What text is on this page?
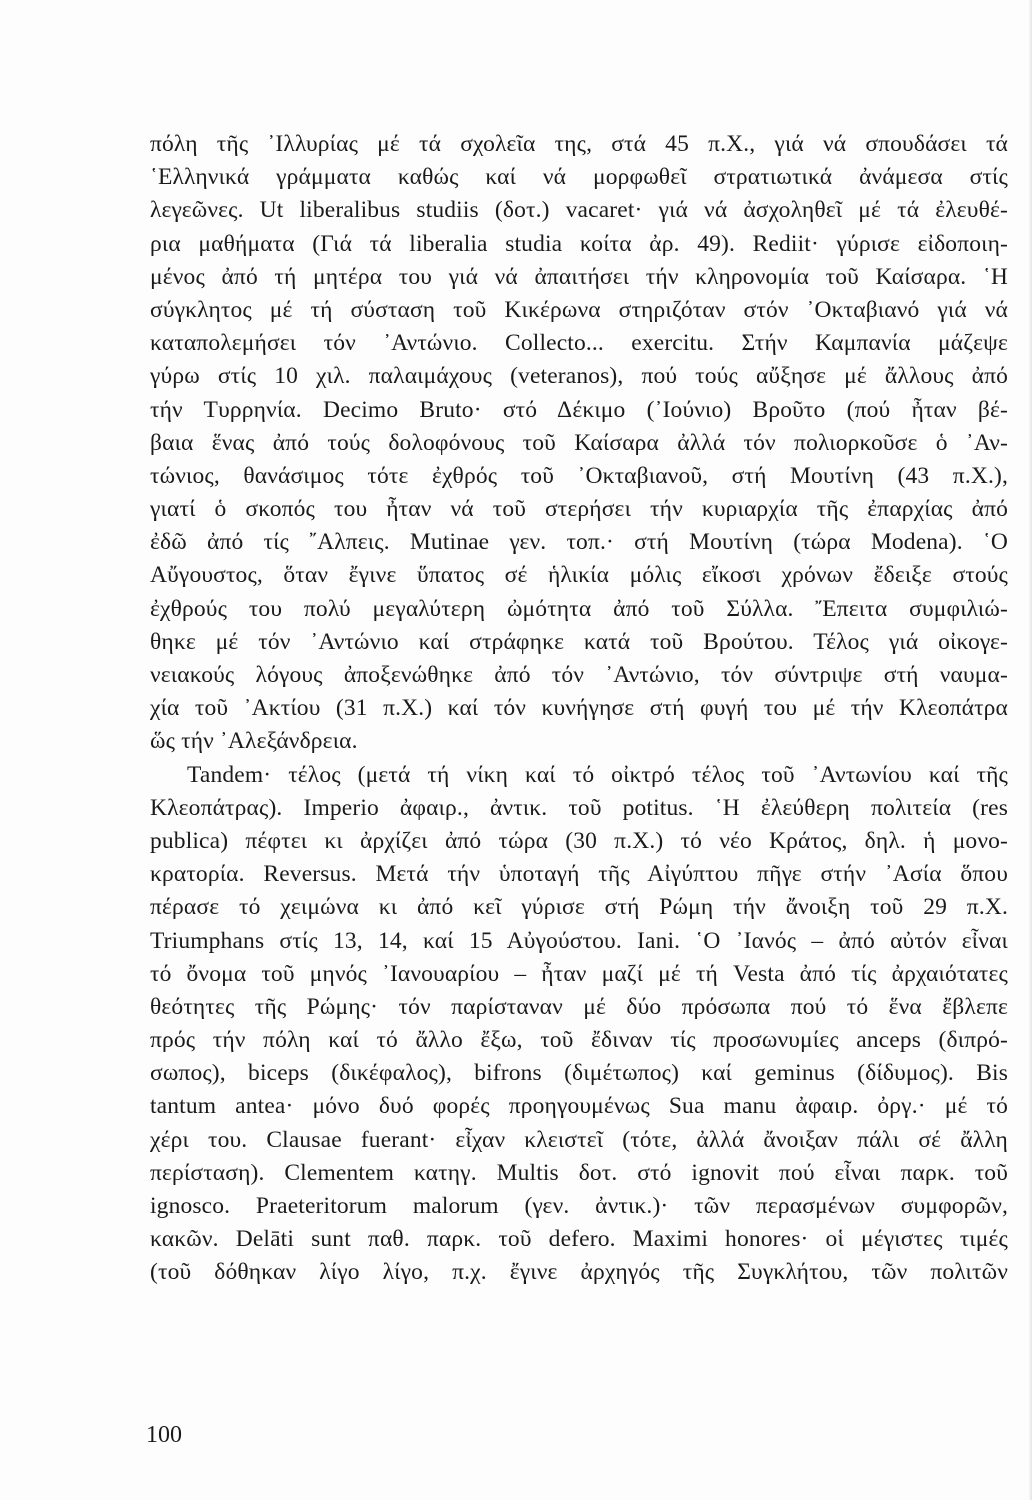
πόλη τῆς ᾿Ιλλυρίας μέ τά σχολεῖα της, στά 45 π.Χ., γιά νά σπουδάσει τά
῾Ελληνικά γράμματα καθώς καί νά μορφωθεῖ στρατιωτικά ἀνάμεσα στίς
λεγεῶνες. Ut liberalibus studiis (δοτ.) vacaret· γιά νά ἀσχοληθεῖ μέ τά ἐλευθέ-
ρια μαθήματα (Γιά τά liberalia studia κοίτα ἀρ. 49). Rediit· γύρισε εἰδοποιη-
μένος ἀπό τή μητέρα του γιά νά ἀπαιτήσει τήν κληρονομία τοῦ Καίσαρα. ῾Η
σύγκλητος μέ τή σύσταση τοῦ Κικέρωνα στηριζόταν στόν ᾿Οκταβιανό γιά νά
καταπολεμήσει τόν ᾿Αντώνιο. Collecto... exercitu. Στήν Καμπανία μάζεψε
γύρω στίς 10 χιλ. παλαιμάχους (veteranos), πού τούς αὔξησε μέ ἄλλους ἀπό
τήν Τυρρηνία. Decimo Bruto· στό Δέκιμο (᾿Ιούνιο) Βροῦτο (πού ἦταν βέ-
βαια ἕνας ἀπό τούς δολοφόνους τοῦ Καίσαρα ἀλλά τόν πολιορκοῦσε ὁ ᾿Αν-
τώνιος, θανάσιμος τότε ἐχθρός τοῦ ᾿Οκταβιανοῦ, στή Μουτίνη (43 π.Χ.),
γιατί ὁ σκοπός του ἦταν νά τοῦ στερήσει τήν κυριαρχία τῆς ἐπαρχίας ἀπό
ἐδῶ ἀπό τίς ῎Αλπεις. Mutinae γεν. τοπ.· στή Μουτίνη (τώρα Modena). ῾Ο
Αὔγουστος, ὅταν ἔγινε ὕπατος σέ ἡλικία μόλις εἴκοσι χρόνων ἔδειξε στούς
ἐχθρούς του πολύ μεγαλύτερη ὠμότητα ἀπό τοῦ Σύλλα. Ἔπειτα συμφιλιώ-
θηκε μέ τόν ᾿Αντώνιο καί στράφηκε κατά τοῦ Βρούτου. Τέλος γιά οἰκογε-
νειακούς λόγους ἀποξενώθηκε ἀπό τόν ᾿Αντώνιο, τόν σύντριψε στή ναυμα-
χία τοῦ ᾿Ακτίου (31 π.Χ.) καί τόν κυνήγησε στή φυγή του μέ τήν Κλεοπάτρα
ὥς τήν ᾿Αλεξάνδρεια.
Tandem· τέλος (μετά τή νίκη καί τό οἰκτρό τέλος τοῦ ᾿Αντωνίου καί τῆς
Κλεοπάτρας). Imperio ἀφαιρ., ἀντικ. τοῦ potitus. ῾Η ἐλεύθερη πολιτεία (res
publica) πέφτει κι ἀρχίζει ἀπό τώρα (30 π.Χ.) τό νέο Κράτος, δηλ. ἡ μονο-
κρατορία. Reversus. Μετά τήν ὑποταγή τῆς Αἰγύπτου πῆγε στήν ᾿Ασία ὅπου
πέρασε τό χειμώνα κι ἀπό κεῖ γύρισε στή Ρώμη τήν ἄνοιξη τοῦ 29 π.Χ.
Triumphans στίς 13, 14, καί 15 Αὐγούστου. Iani. ῾Ο ᾿Ιανός – ἀπό αὐτόν εἶναι
τό ὄνομα τοῦ μηνός ᾿Ιανουαρίου – ἦταν μαζί μέ τή Vesta ἀπό τίς ἀρχαιότατες
θεότητες τῆς Ρώμης· τόν παρίσταναν μέ δύο πρόσωπα πού τό ἕνα ἔβλεπε
πρός τήν πόλη καί τό ἄλλο ἔξω, τοῦ ἔδιναν τίς προσωνυμίες anceps (διπρό-
σωπος), biceps (δικέφαλος), bifrons (διμέτωπος) καί geminus (δίδυμος). Bis
tantum antea· μόνο δυό φορές προηγουμένως Sua manu ἀφαιρ. ὀργ.· μέ τό
χέρι του. Clausae fuerant· εἶχαν κλειστεῖ (τότε, ἀλλά ἄνοιξαν πάλι σέ ἄλλη
περίσταση). Clementem κατηγ. Multis δοτ. στό ignovit πού εἶναι παρκ. τοῦ
ignosco. Praeteritorum malorum (γεν. ἀντικ.)· τῶν περασμένων συμφορῶν,
κακῶν. Delāti sunt παθ. παρκ. τοῦ defero. Maximi honores· οἱ μέγιστες τιμές
(τοῦ δόθηκαν λίγο λίγο, π.χ. ἔγινε ἀρχηγός τῆς Συγκλήτου, τῶν πολιτῶν
100
